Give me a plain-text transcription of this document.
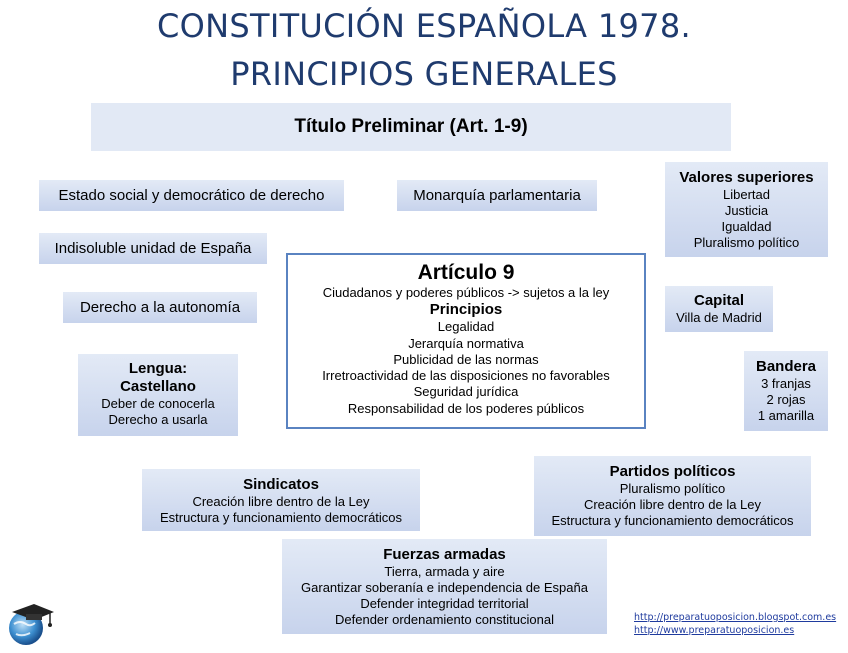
CONSTITUCIÓN ESPAÑOLA 1978.
PRINCIPIOS GENERALES
Título Preliminar (Art. 1-9)
Estado social y democrático de derecho	Monarquía parlamentaria
Indisoluble unidad de España
Derecho a la autonomía
Valores superiores
Libertad
Justicia
Igualdad
Pluralismo político
Capital
Villa de Madrid
Bandera
3 franjas
2 rojas
1 amarilla
Lengua:
Castellano
Deber de conocerla
Derecho a usarla
Artículo 9
Ciudadanos y poderes públicos -> sujetos a la ley
Principios
Legalidad
Jerarquía normativa
Publicidad de las normas
Irretroactividad de las disposiciones no favorables
Seguridad jurídica
Responsabilidad de los poderes públicos
Sindicatos
Creación libre dentro de la Ley
Estructura y funcionamiento democráticos
Partidos políticos
Pluralismo político
Creación libre dentro de la Ley
Estructura y funcionamiento democráticos
Fuerzas armadas
Tierra, armada y aire
Garantizar soberanía e independencia de España
Defender integridad territorial
Defender ordenamiento constitucional	http://preparatuoposicion.blogspot.com.es
http://www.preparatuoposicion.es
